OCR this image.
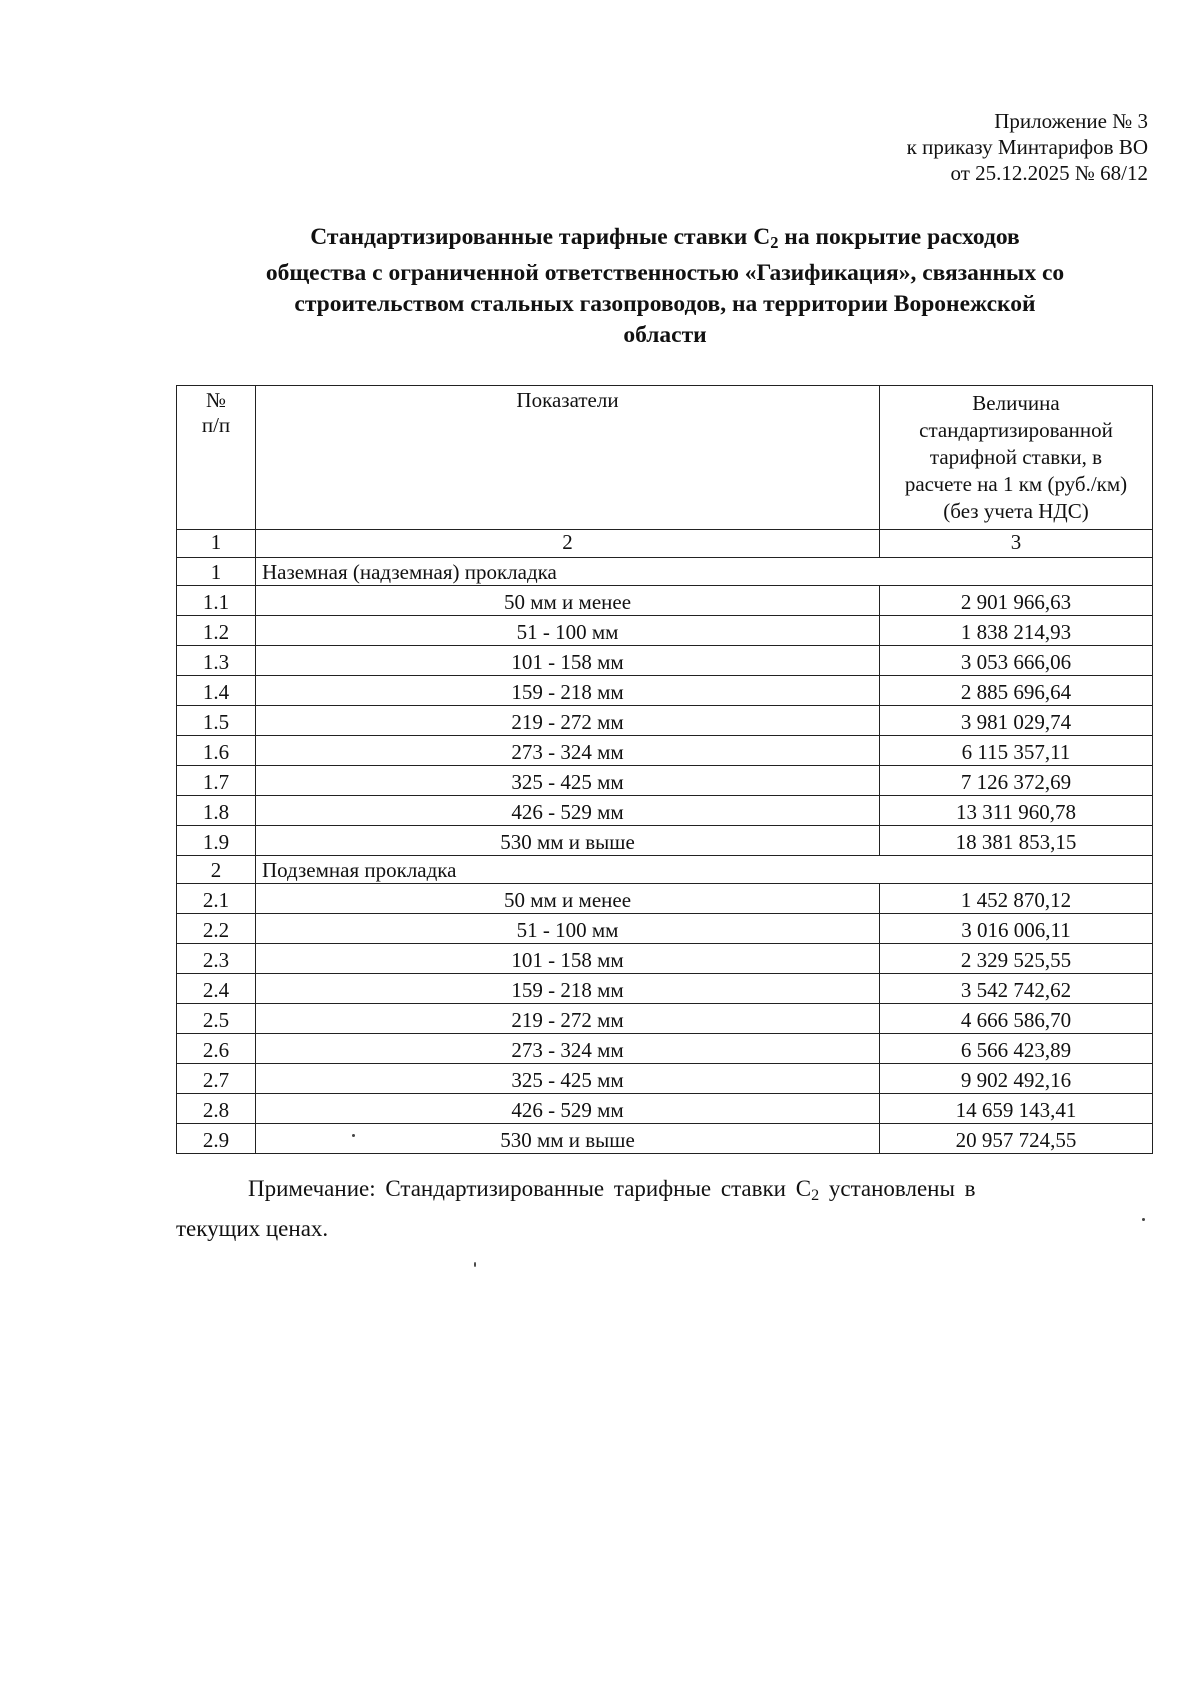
Приложение № 3
к приказу Минтарифов ВО
от 25.12.2025 № 68/12
Стандартизированные тарифные ставки С2 на покрытие расходов
общества с ограниченной ответственностью «Газификация», связанных со
строительством стальных газопроводов, на территории Воронежской
области
№
п/п	Показатели	Величина
стандартизированной
тарифной ставки, в
расчете на 1 км (руб./км)
(без учета НДС)

1	2	3
1	Наземная (надземная) прокладка	
1.1	50 мм и менее	2 901 966,63
1.2	51 - 100 мм	1 838 214,93
1.3	101 - 158 мм	3 053 666,06
1.4	159 - 218 мм	2 885 696,64
1.5	219 - 272 мм	3 981 029,74
1.6	273 - 324 мм	6 115 357,11
1.7	325 - 425 мм	7 126 372,69
1.8	426 - 529 мм	13 311 960,78
1.9	530 мм и выше	18 381 853,15
2	Подземная прокладка	
2.1	50 мм и менее	1 452 870,12
2.2	51 - 100 мм	3 016 006,11
2.3	101 - 158 мм	2 329 525,55
2.4	159 - 218 мм	3 542 742,62
2.5	219 - 272 мм	4 666 586,70
2.6	273 - 324 мм	6 566 423,89
2.7	325 - 425 мм	9 902 492,16
2.8	426 - 529 мм	14 659 143,41
2.9	530 мм и выше	20 957 724,55
Примечание: Стандартизированные тарифные ставки С2 установлены в
текущих ценах.
